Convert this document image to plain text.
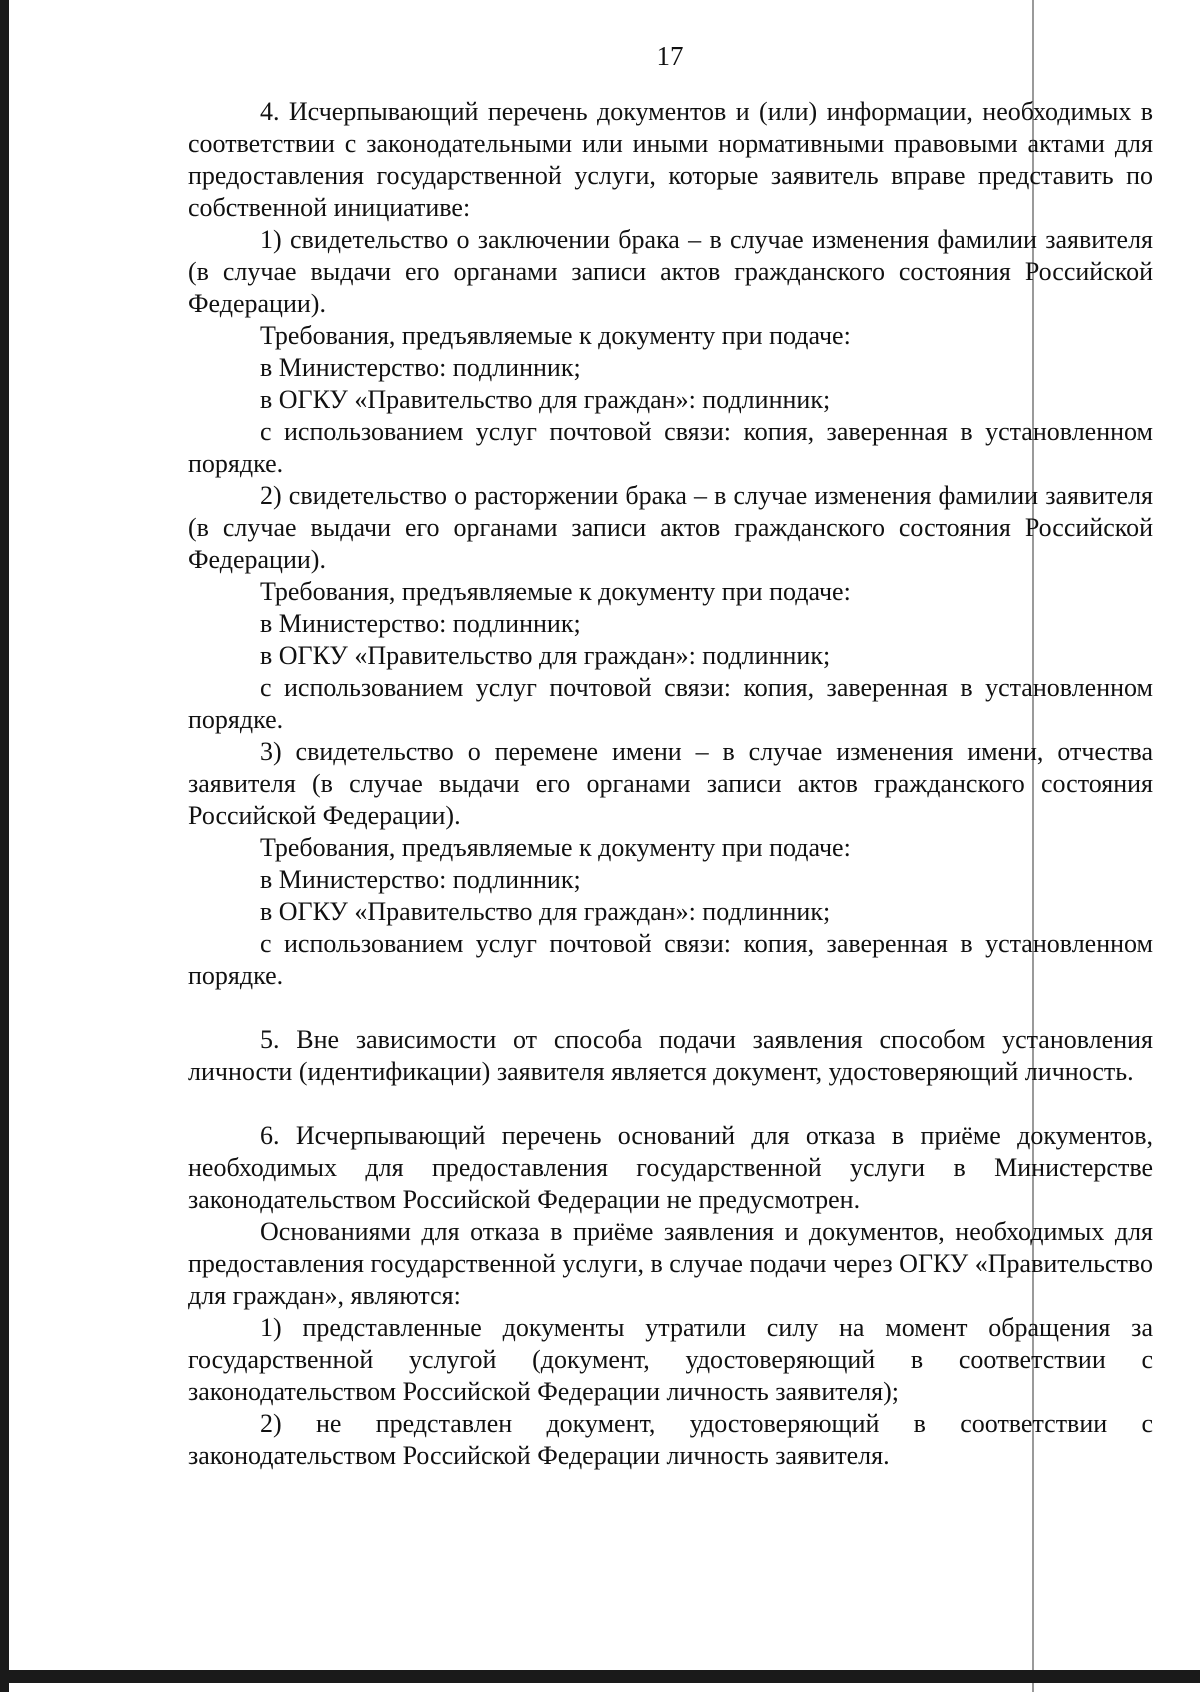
17

4. Исчерпывающий перечень документов и (или) информации, необходимых в соответствии с законодательными или иными нормативными правовыми актами для предоставления государственной услуги, которые заявитель вправе представить по собственной инициативе:

1) свидетельство о заключении брака – в случае изменения фамилии заявителя (в случае выдачи его органами записи актов гражданского состояния Российской Федерации).

Требования, предъявляемые к документу при подаче:

в Министерство: подлинник;

в ОГКУ «Правительство для граждан»: подлинник;

с использованием услуг почтовой связи: копия, заверенная в установленном порядке.

2) свидетельство о расторжении брака – в случае изменения фамилии заявителя (в случае выдачи его органами записи актов гражданского состояния Российской Федерации).

Требования, предъявляемые к документу при подаче:

в Министерство: подлинник;

в ОГКУ «Правительство для граждан»: подлинник;

с использованием услуг почтовой связи: копия, заверенная в установленном порядке.

3) свидетельство о перемене имени – в случае изменения имени, отчества заявителя (в случае выдачи его органами записи актов гражданского состояния Российской Федерации).

Требования, предъявляемые к документу при подаче:

в Министерство: подлинник;

в ОГКУ «Правительство для граждан»: подлинник;

с использованием услуг почтовой связи: копия, заверенная в установленном порядке.

5. Вне зависимости от способа подачи заявления способом установления личности (идентификации) заявителя является документ, удостоверяющий личность.

6. Исчерпывающий перечень оснований для отказа в приёме документов, необходимых для предоставления государственной услуги в Министерстве законодательством Российской Федерации не предусмотрен.

Основаниями для отказа в приёме заявления и документов, необходимых для предоставления государственной услуги, в случае подачи через ОГКУ «Правительство для граждан», являются:

1) представленные документы утратили силу на момент обращения за государственной услугой (документ, удостоверяющий в соответствии с законодательством Российской Федерации личность заявителя);

2) не представлен документ, удостоверяющий в соответствии с законодательством Российской Федерации личность заявителя.
